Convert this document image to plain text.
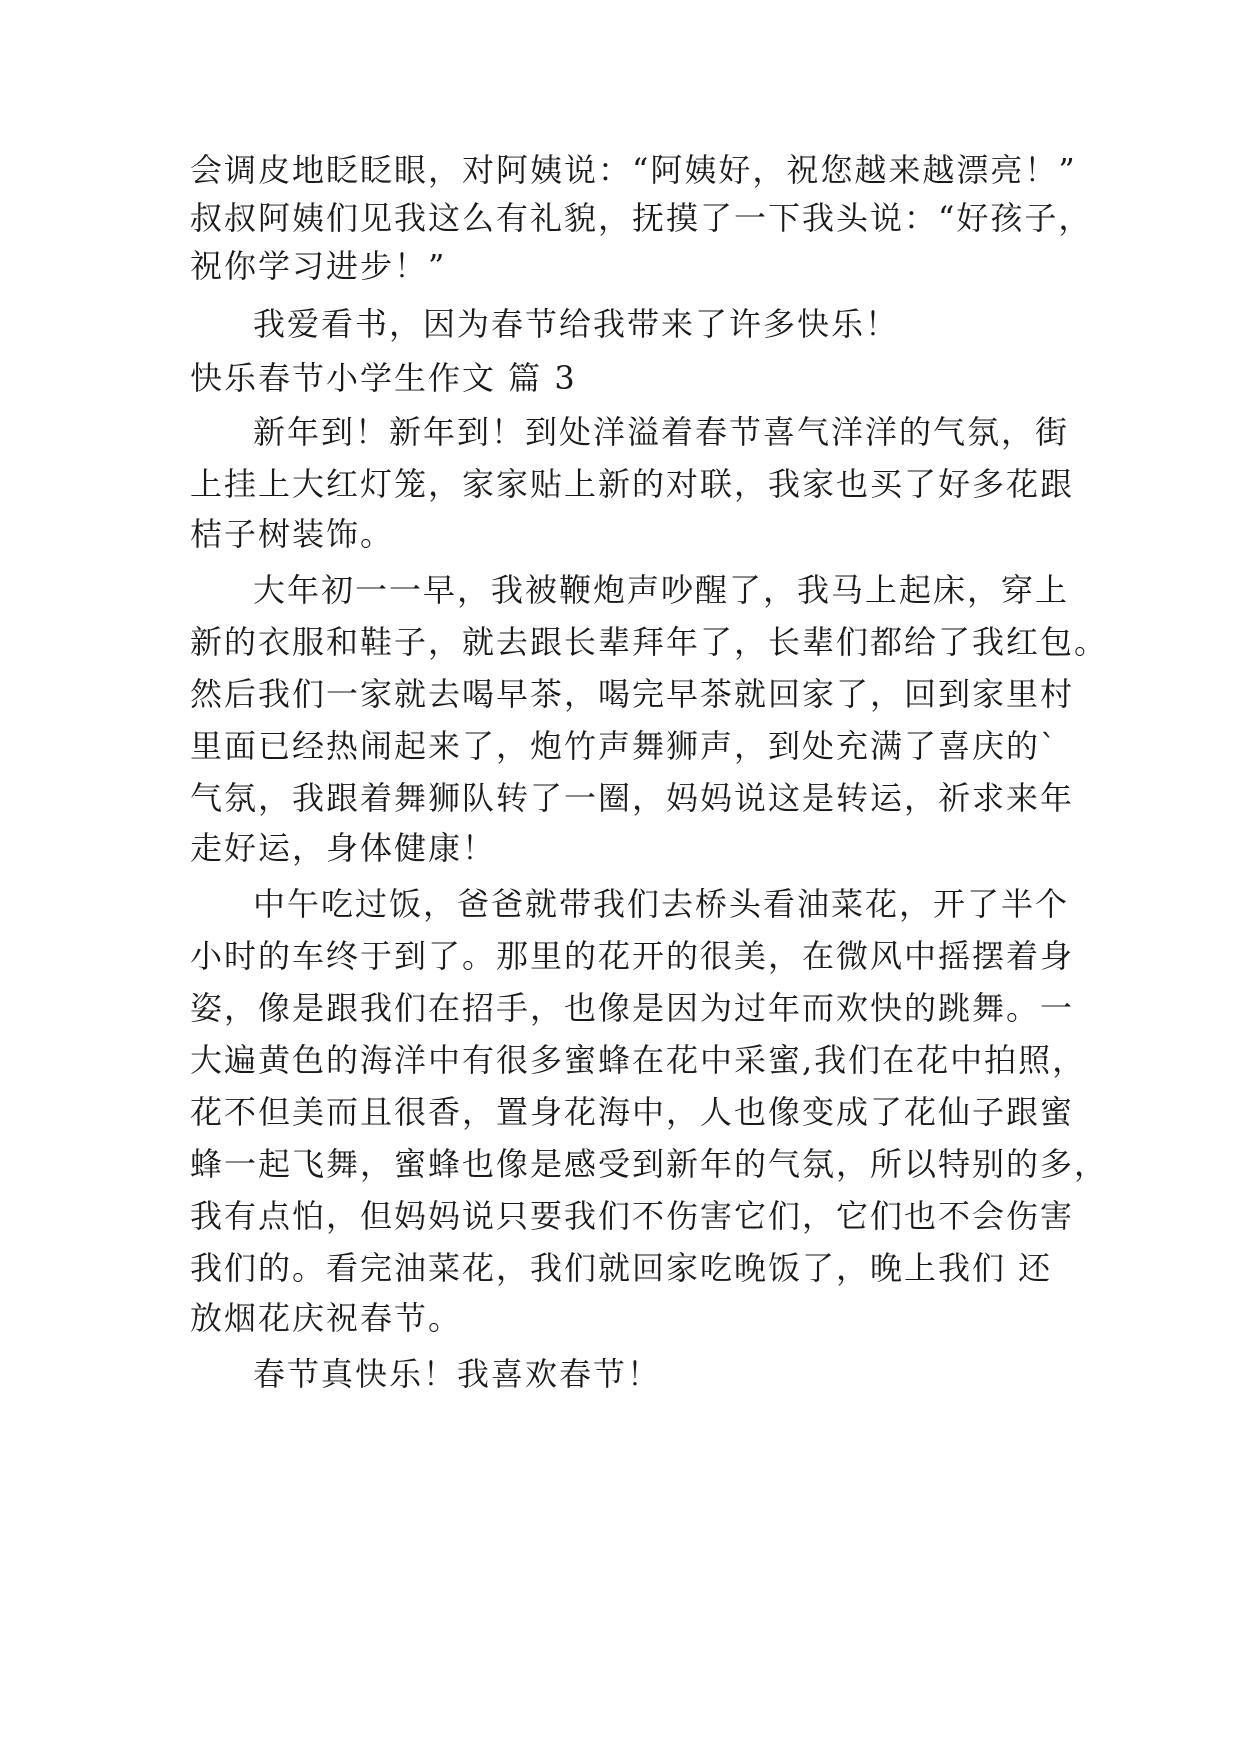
会调皮地眨眨眼，对阿姨说：“阿姨好，祝您越来越漂亮！”
叔叔阿姨们见我这么有礼貌，抚摸了一下我头说：“好孩子，
祝你学习进步！”
我爱看书，因为春节给我带来了许多快乐！
快乐春节小学生作文 篇 3
新年到！新年到！到处洋溢着春节喜气洋洋的气氛，街
上挂上大红灯笼，家家贴上新的对联，我家也买了好多花跟
桔子树装饰。
大年初一一早，我被鞭炮声吵醒了，我马上起床，穿上
新的衣服和鞋子，就去跟长辈拜年了，长辈们都给了我红包。
然后我们一家就去喝早茶，喝完早茶就回家了，回到家里村
里面已经热闹起来了，炮竹声舞狮声，到处充满了喜庆的`
气氛，我跟着舞狮队转了一圈，妈妈说这是转运，祈求来年
走好运，身体健康！
中午吃过饭，爸爸就带我们去桥头看油菜花，开了半个
小时的车终于到了。那里的花开的很美，在微风中摇摆着身
姿，像是跟我们在招手，也像是因为过年而欢快的跳舞。一
大遍黄色的海洋中有很多蜜蜂在花中采蜜,我们在花中拍照，
花不但美而且很香，置身花海中，人也像变成了花仙子跟蜜
蜂一起飞舞，蜜蜂也像是感受到新年的气氛，所以特别的多，
我有点怕，但妈妈说只要我们不伤害它们，它们也不会伤害
我们的。看完油菜花，我们就回家吃晚饭了，晚上我们 还
放烟花庆祝春节。
春节真快乐！我喜欢春节！
